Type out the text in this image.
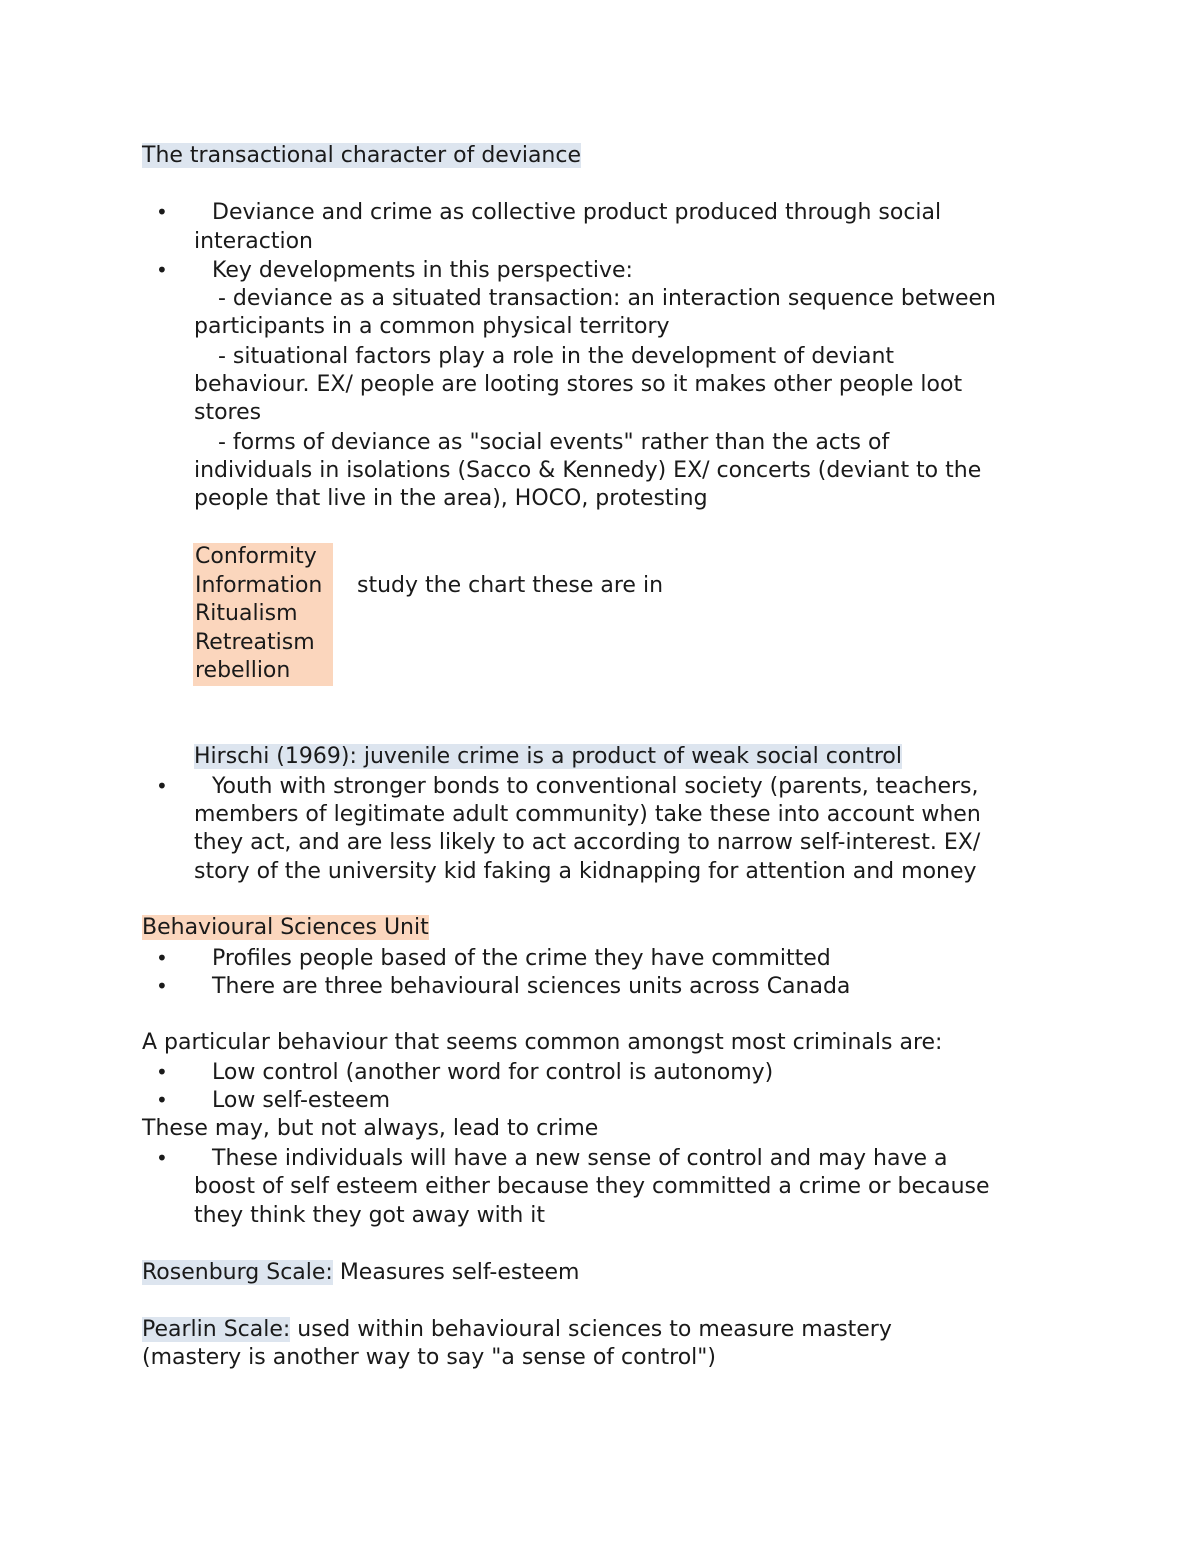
The transactional character of deviance
• Deviance and crime as collective product produced through social
interaction
• Key developments in this perspective:
- deviance as a situated transaction: an interaction sequence between
participants in a common physical territory
- situational factors play a role in the development of deviant
behaviour. EX/ people are looting stores so it makes other people loot
stores
- forms of deviance as "social events" rather than the acts of
individuals in isolations (Sacco & Kennedy) EX/ concerts (deviant to the
people that live in the area), HOCO, protesting
Conformity
Information
Ritualism
Retreatism
rebellion
study the chart these are in
Hirschi (1969): juvenile crime is a product of weak social control
• Youth with stronger bonds to conventional society (parents, teachers,
members of legitimate adult community) take these into account when
they act, and are less likely to act according to narrow self-interest. EX/
story of the university kid faking a kidnapping for attention and money
Behavioural Sciences Unit
• Profiles people based of the crime they have committed
• There are three behavioural sciences units across Canada
A particular behaviour that seems common amongst most criminals are:
• Low control (another word for control is autonomy)
• Low self-esteem
These may, but not always, lead to crime
• These individuals will have a new sense of control and may have a
boost of self esteem either because they committed a crime or because
they think they got away with it
Rosenburg Scale: Measures self-esteem
Pearlin Scale: used within behavioural sciences to measure mastery
(mastery is another way to say "a sense of control")
